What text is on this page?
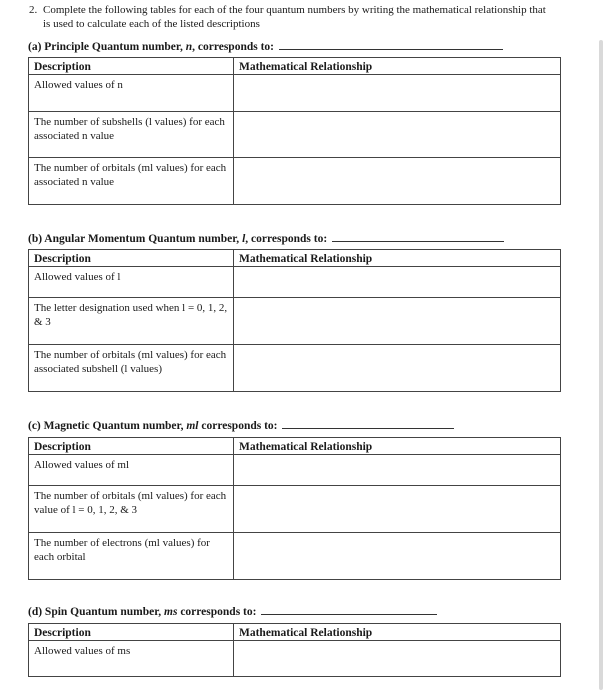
2. Complete the following tables for each of the four quantum numbers by writing the mathematical relationship that is used to calculate each of the listed descriptions
(a) Principle Quantum number, n, corresponds to:
Description	Mathematical Relationship
Allowed values of n	
The number of subshells (l values) for each associated n value	
The number of orbitals (ml values) for each associated n value	
(b) Angular Momentum Quantum number, l, corresponds to:
Description	Mathematical Relationship
Allowed values of l	
The letter designation used when l = 0, 1, 2, & 3	
The number of orbitals (ml values) for each associated subshell (l values)	
(c) Magnetic Quantum number, ml corresponds to:
Description	Mathematical Relationship
Allowed values of ml	
The number of orbitals (ml values) for each value of l = 0, 1, 2, & 3	
The number of electrons (ml values) for each orbital	
(d) Spin Quantum number, ms corresponds to:
Description	Mathematical Relationship
Allowed values of ms	
